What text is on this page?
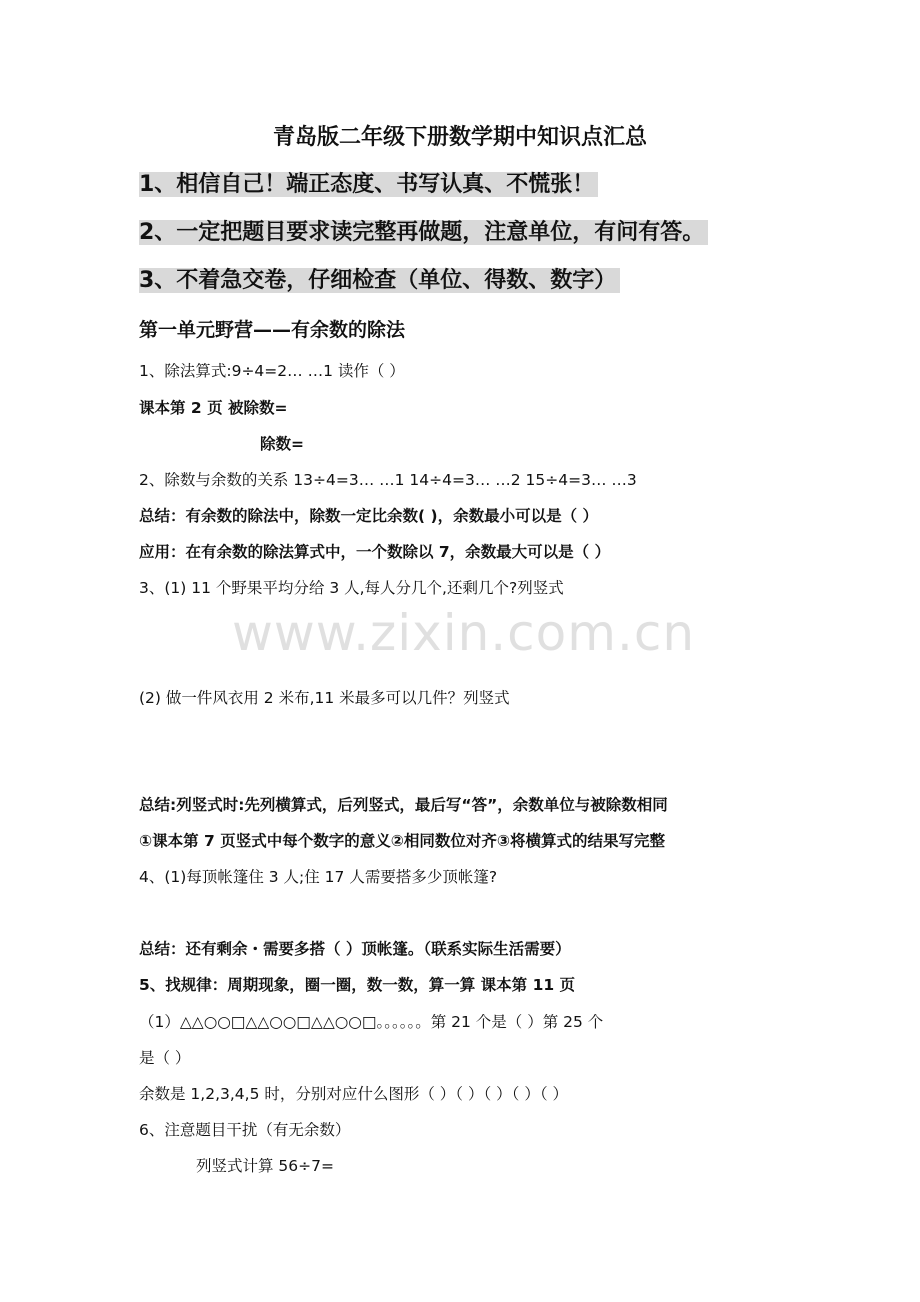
青岛版二年级下册数学期中知识点汇总
1、相信自己！端正态度、书写认真、不慌张！
2、一定把题目要求读完整再做题，注意单位，有问有答。
3、不着急交卷，仔细检查（单位、得数、数字）
第一单元野营——有余数的除法
1、除法算式:9÷4=2… …1 读作（ ）
课本第 2 页 被除数=
除数=
2、除数与余数的关系 13÷4=3… …1 14÷4=3… …2 15÷4=3… …3
总结：有余数的除法中，除数一定比余数( )，余数最小可以是（ ）
应用：在有余数的除法算式中，一个数除以 7，余数最大可以是（ ）
3、(1) 11 个野果平均分给 3 人,每人分几个,还剩几个?列竖式
www.zixin.com.cn
(2) 做一件风衣用 2 米布,11 米最多可以几件？列竖式
总结:列竖式时:先列横算式，后列竖式，最后写“答”，余数单位与被除数相同
①课本第 7 页竖式中每个数字的意义②相同数位对齐③将横算式的结果写完整
4、(1)每顶帐篷住 3 人;住 17 人需要搭多少顶帐篷?
总结：还有剩余・需要多搭（ ）顶帐篷。（联系实际生活需要）
5、找规律：周期现象，圈一圈，数一数，算一算 课本第 11 页
（1）△△○○□△△○○□△△○○□。。。。。。第 21 个是（ ）第 25 个
是（ ）
余数是 1,2,3,4,5 时，分别对应什么图形（ ）（ ）（ ）（ ）（ ）
6、注意题目干扰（有无余数）
列竖式计算 56÷7=
